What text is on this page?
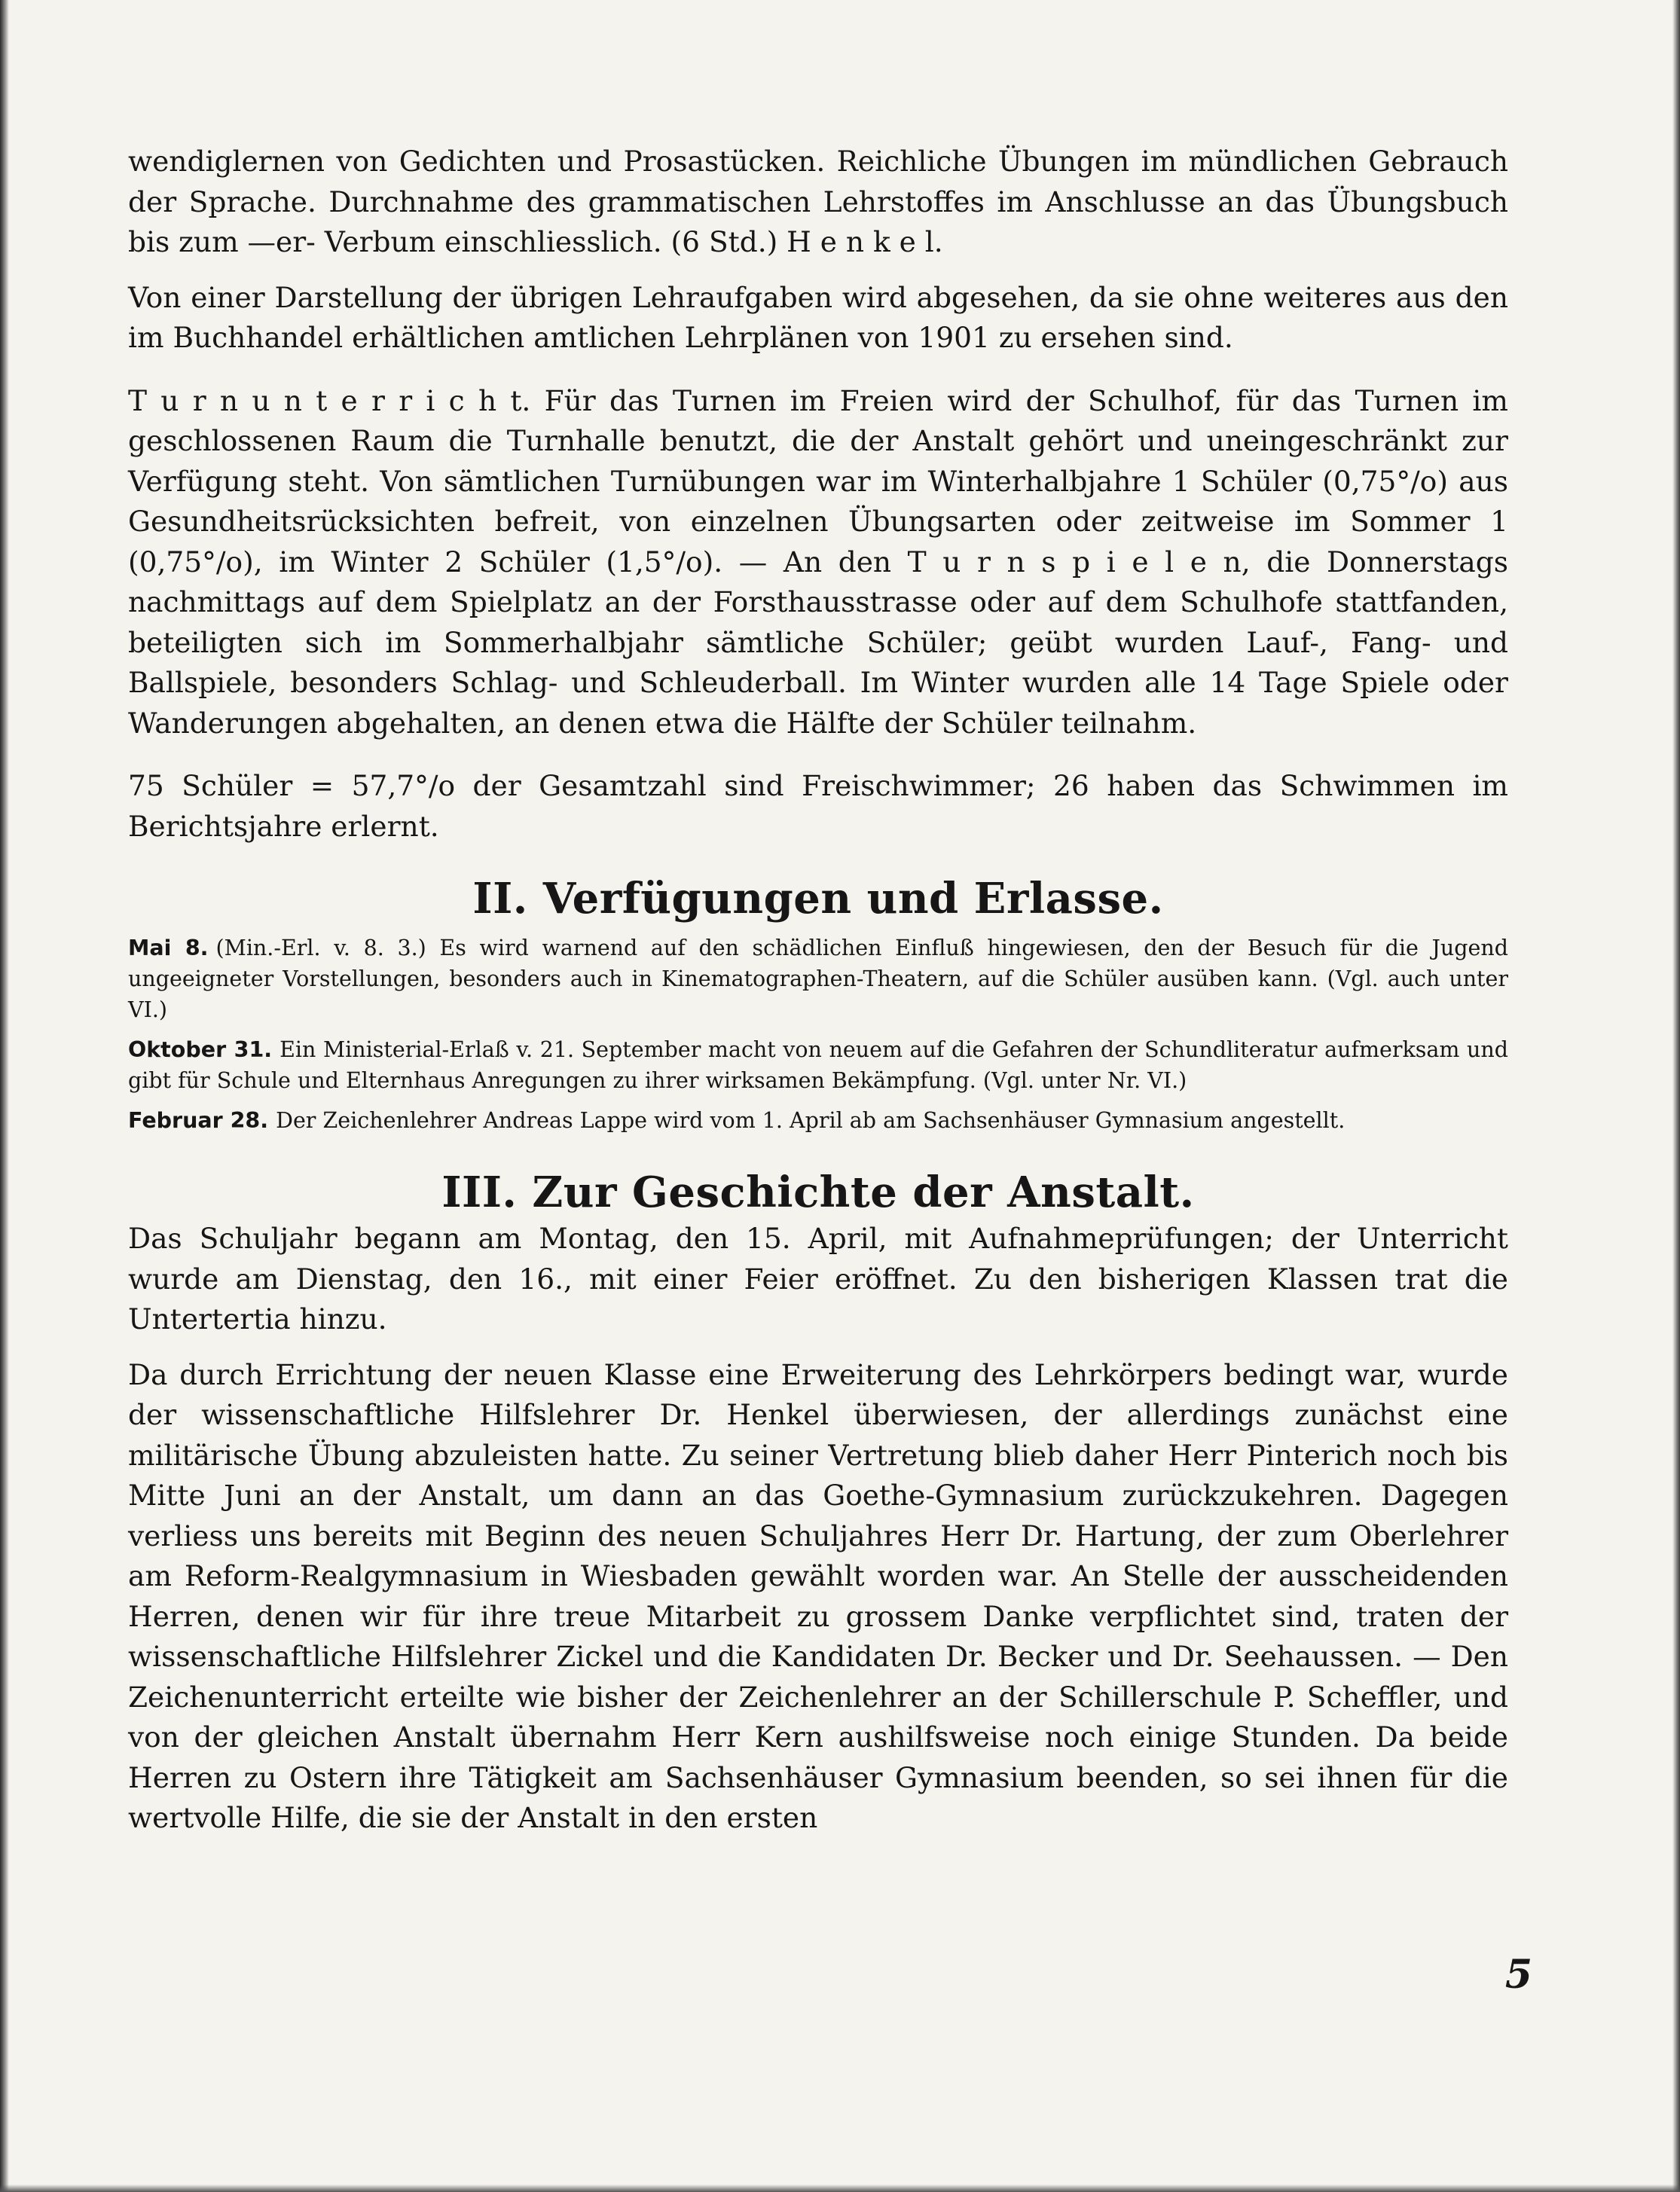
wendiglernen von Gedichten und Prosastücken. Reichliche Übungen im mündlichen Gebrauch der Sprache. Durchnahme des grammatischen Lehrstoffes im Anschlusse an das Übungsbuch bis zum —er- Verbum einschliesslich. (6 Std.) H e n k e l.

Von einer Darstellung der übrigen Lehraufgaben wird abgesehen, da sie ohne weiteres aus den im Buchhandel erhältlichen amtlichen Lehrplänen von 1901 zu ersehen sind.

T u r n u n t e r r i c h t. Für das Turnen im Freien wird der Schulhof, für das Turnen im geschlossenen Raum die Turnhalle benutzt, die der Anstalt gehört und uneingeschränkt zur Verfügung steht. Von sämtlichen Turnübungen war im Winterhalbjahre 1 Schüler (0,75°/o) aus Gesundheitsrücksichten befreit, von einzelnen Übungsarten oder zeitweise im Sommer 1 (0,75°/o), im Winter 2 Schüler (1,5°/o). — An den T u r n s p i e l e n, die Donnerstags nachmittags auf dem Spielplatz an der Forsthausstrasse oder auf dem Schulhofe stattfanden, beteiligten sich im Sommerhalbjahr sämtliche Schüler; geübt wurden Lauf-, Fang- und Ballspiele, besonders Schlag- und Schleuderball. Im Winter wurden alle 14 Tage Spiele oder Wanderungen abgehalten, an denen etwa die Hälfte der Schüler teilnahm.

75 Schüler = 57,7°/o der Gesamtzahl sind Freischwimmer; 26 haben das Schwimmen im Berichtsjahre erlernt.

II. Verfügungen und Erlasse.

Mai 8. (Min.-Erl. v. 8. 3.) Es wird warnend auf den schädlichen Einfluß hingewiesen, den der Besuch für die Jugend ungeeigneter Vorstellungen, besonders auch in Kinematographen-Theatern, auf die Schüler ausüben kann. (Vgl. auch unter VI.)

Oktober 31. Ein Ministerial-Erlaß v. 21. September macht von neuem auf die Gefahren der Schundliteratur aufmerksam und gibt für Schule und Elternhaus Anregungen zu ihrer wirksamen Bekämpfung. (Vgl. unter Nr. VI.)

Februar 28. Der Zeichenlehrer Andreas Lappe wird vom 1. April ab am Sachsenhäuser Gymnasium angestellt.

III. Zur Geschichte der Anstalt.

Das Schuljahr begann am Montag, den 15. April, mit Aufnahmeprüfungen; der Unterricht wurde am Dienstag, den 16., mit einer Feier eröffnet. Zu den bisherigen Klassen trat die Untertertia hinzu.

Da durch Errichtung der neuen Klasse eine Erweiterung des Lehrkörpers bedingt war, wurde der wissenschaftliche Hilfslehrer Dr. Henkel überwiesen, der allerdings zunächst eine militärische Übung abzuleisten hatte. Zu seiner Vertretung blieb daher Herr Pinterich noch bis Mitte Juni an der Anstalt, um dann an das Goethe-Gymnasium zurückzukehren. Dagegen verliess uns bereits mit Beginn des neuen Schuljahres Herr Dr. Hartung, der zum Oberlehrer am Reform-Realgymnasium in Wiesbaden gewählt worden war. An Stelle der ausscheidenden Herren, denen wir für ihre treue Mitarbeit zu grossem Danke verpflichtet sind, traten der wissenschaftliche Hilfslehrer Zickel und die Kandidaten Dr. Becker und Dr. Seehaussen. — Den Zeichenunterricht erteilte wie bisher der Zeichenlehrer an der Schillerschule P. Scheffler, und von der gleichen Anstalt übernahm Herr Kern aushilfsweise noch einige Stunden. Da beide Herren zu Ostern ihre Tätigkeit am Sachsenhäuser Gymnasium beenden, so sei ihnen für die wertvolle Hilfe, die sie der Anstalt in den ersten

5
